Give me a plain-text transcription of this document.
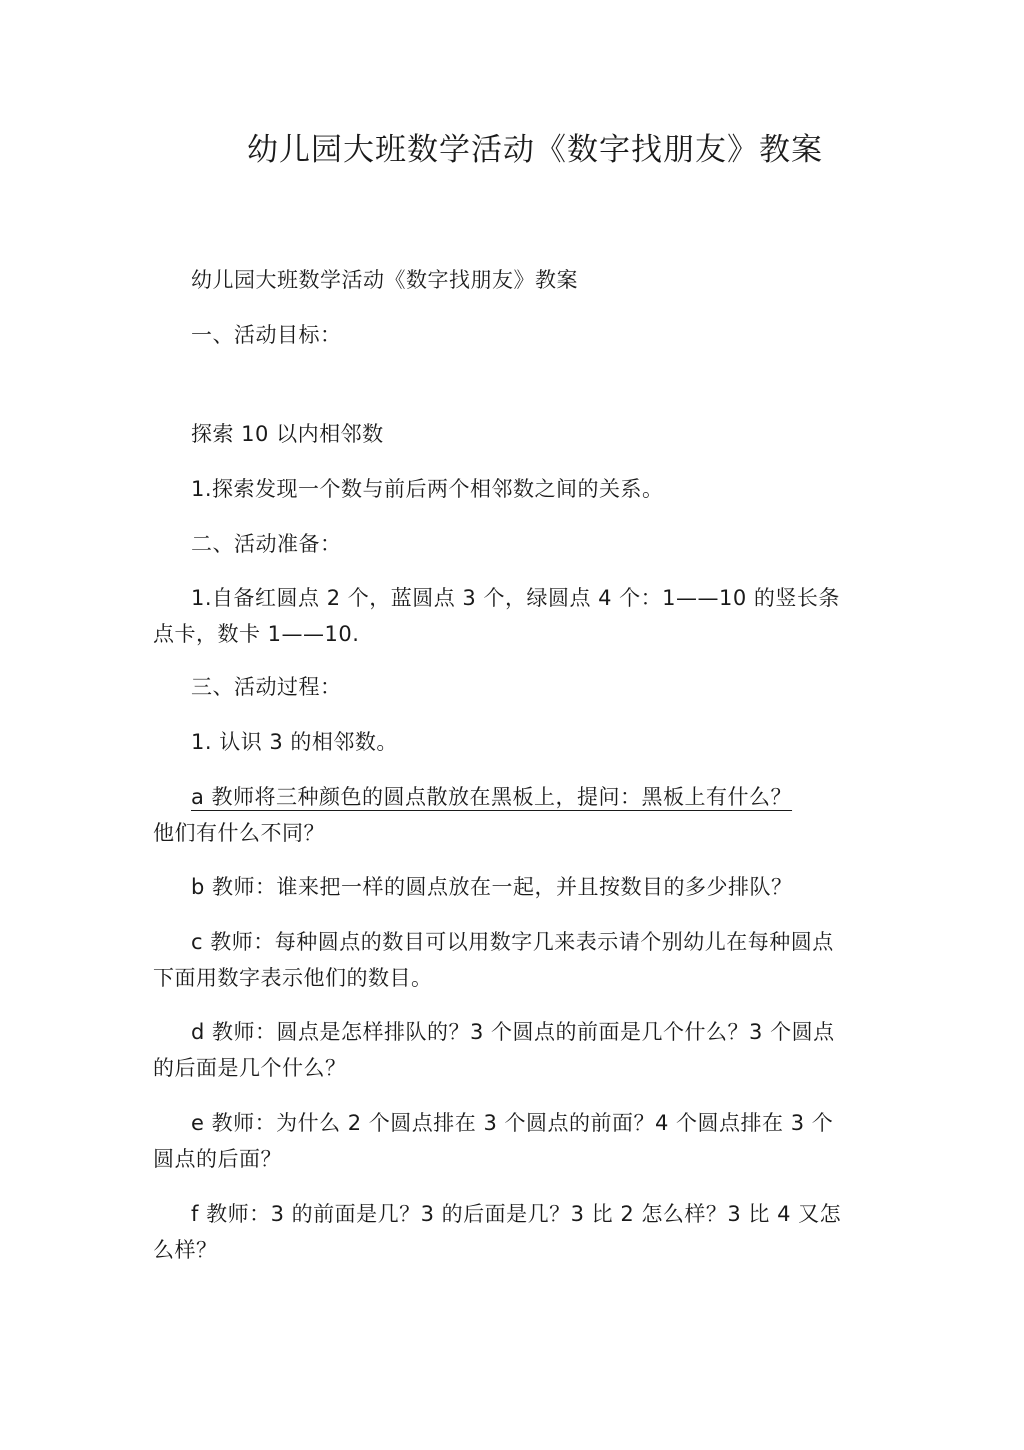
幼儿园大班数学活动《数字找朋友》教案
幼儿园大班数学活动《数字找朋友》教案
一、活动目标：
探索 10 以内相邻数
1.探索发现一个数与前后两个相邻数之间的关系。
二、活动准备：
1.自备红圆点 2 个，蓝圆点 3 个，绿圆点 4 个：1——10 的竖长条点卡，数卡 1——10.
三、活动过程：
1. 认识 3 的相邻数。
a 教师将三种颜色的圆点散放在黑板上，提问：黑板上有什么？
他们有什么不同？
b 教师：谁来把一样的圆点放在一起，并且按数目的多少排队？
c 教师：每种圆点的数目可以用数字几来表示请个别幼儿在每种圆点下面用数字表示他们的数目。
d 教师：圆点是怎样排队的？3 个圆点的前面是几个什么？3 个圆点的后面是几个什么？
e 教师：为什么 2 个圆点排在 3 个圆点的前面？4 个圆点排在 3 个圆点的后面？
f 教师：3 的前面是几？3 的后面是几？3 比 2 怎么样？3 比 4 又怎么样？
